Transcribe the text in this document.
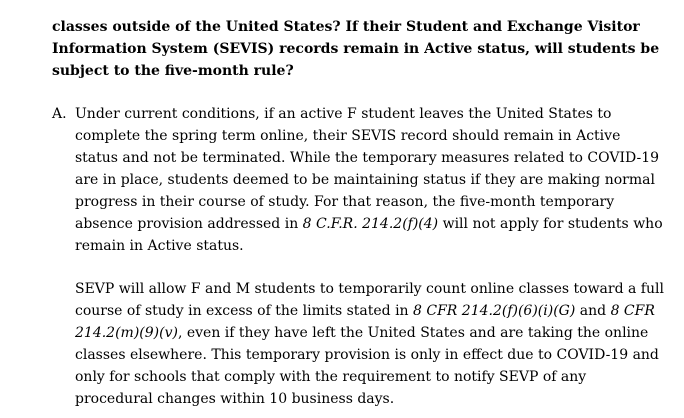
classes outside of the United States? If their Student and Exchange Visitor Information System (SEVIS) records remain in Active status, will students be subject to the five-month rule?

A. Under current conditions, if an active F student leaves the United States to complete the spring term online, their SEVIS record should remain in Active status and not be terminated. While the temporary measures related to COVID-19 are in place, students deemed to be maintaining status if they are making normal progress in their course of study. For that reason, the five-month temporary absence provision addressed in 8 C.F.R. 214.2(f)(4) will not apply for students who remain in Active status.

SEVP will allow F and M students to temporarily count online classes toward a full course of study in excess of the limits stated in 8 CFR 214.2(f)(6)(i)(G) and 8 CFR 214.2(m)(9)(v), even if they have left the United States and are taking the online classes elsewhere. This temporary provision is only in effect due to COVID-19 and only for schools that comply with the requirement to notify SEVP of any procedural changes within 10 business days.
